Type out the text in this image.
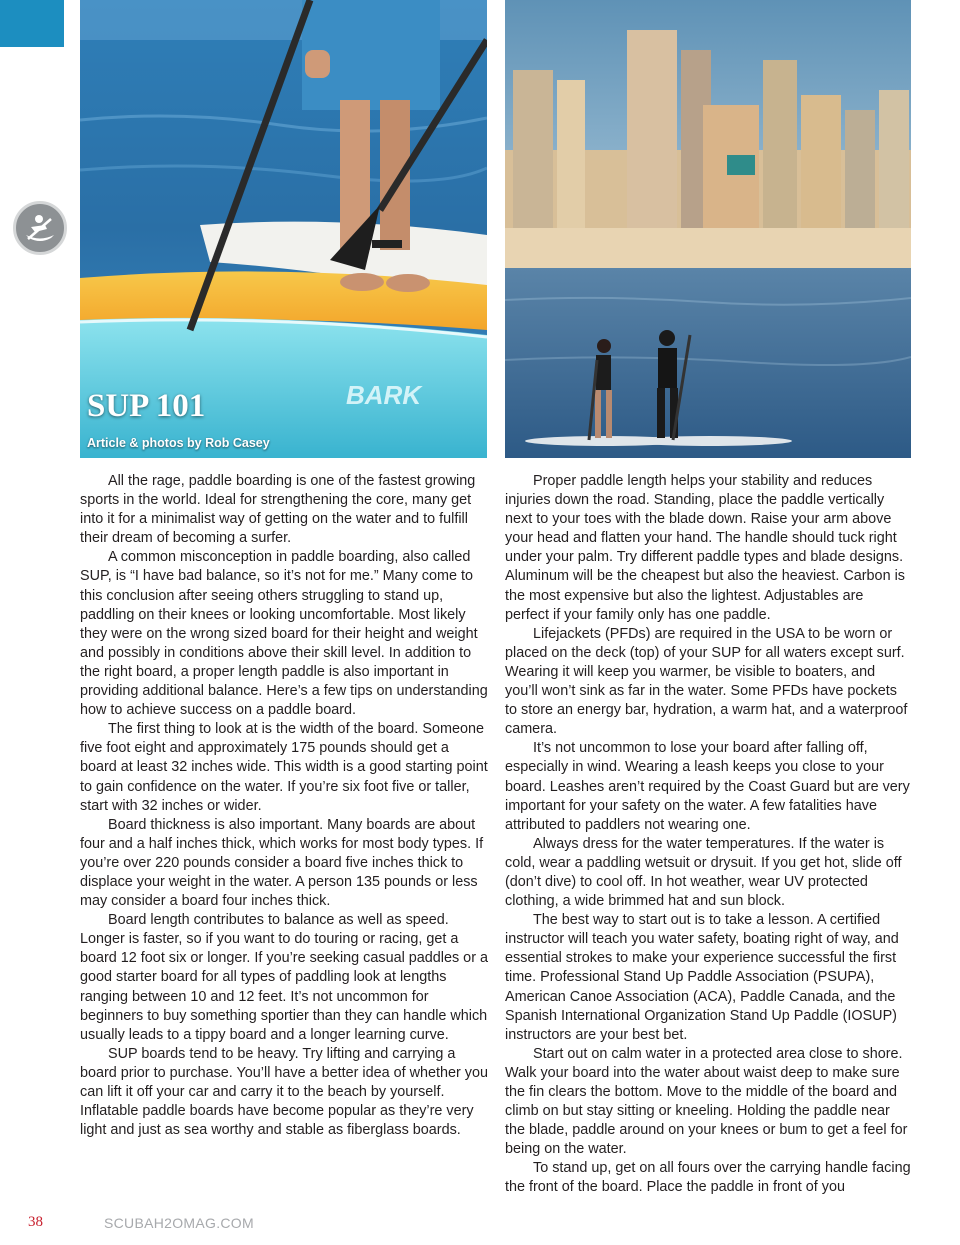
BARK
SUP 101
Article & photos by Rob Casey

All the rage, paddle boarding is one of the fastest growing sports in the world. Ideal for strengthening the core, many get into it for a minimalist way of getting on the water and to fulfill their dream of becoming a surfer.

A common misconception in paddle boarding, also called SUP, is “I have bad balance, so it’s not for me.” Many come to this conclusion after seeing others struggling to stand up, paddling on their knees or looking uncomfortable. Most likely they were on the wrong sized board for their height and weight and possibly in conditions above their skill level. In addition to the right board, a proper length paddle is also important in providing additional balance. Here’s a few tips on understanding how to achieve success on a paddle board.

The first thing to look at is the width of the board. Someone five foot eight and approximately 175 pounds should get a board at least 32 inches wide. This width is a good starting point to gain confidence on the water. If you’re six foot five or taller, start with 32 inches or wider.

Board thickness is also important. Many boards are about four and a half inches thick, which works for most body types. If you’re over 220 pounds consider a board five inches thick to displace your weight in the water. A person 135 pounds or less may consider a board four inches thick.

Board length contributes to balance as well as speed. Longer is faster, so if you want to do touring or racing, get a board 12 foot six or longer. If you’re seeking casual paddles or a good starter board for all types of paddling look at lengths ranging between 10 and 12 feet. It’s not uncommon for beginners to buy something sportier than they can handle which usually leads to a tippy board and a longer learning curve.

SUP boards tend to be heavy. Try lifting and carrying a board prior to purchase. You’ll have a better idea of whether you can lift it off your car and carry it to the beach by yourself. Inflatable paddle boards have become popular as they’re very light and just as sea worthy and stable as fiberglass boards.

Proper paddle length helps your stability and reduces injuries down the road. Standing, place the paddle vertically next to your toes with the blade down. Raise your arm above your head and flatten your hand. The handle should tuck right under your palm. Try different paddle types and blade designs. Aluminum will be the cheapest but also the heaviest. Carbon is the most expensive but also the lightest. Adjustables are perfect if your family only has one paddle.

Lifejackets (PFDs) are required in the USA to be worn or placed on the deck (top) of your SUP for all waters except surf. Wearing it will keep you warmer, be visible to boaters, and you’ll won’t sink as far in the water. Some PFDs have pockets to store an energy bar, hydration, a warm hat, and a waterproof camera.

It’s not uncommon to lose your board after falling off, especially in wind. Wearing a leash keeps you close to your board. Leashes aren’t required by the Coast Guard but are very important for your safety on the water. A few fatalities have attributed to paddlers not wearing one.

Always dress for the water temperatures. If the water is cold, wear a paddling wetsuit or drysuit. If you get hot, slide off (don’t dive) to cool off. In hot weather, wear UV protected clothing, a wide brimmed hat and sun block.

The best way to start out is to take a lesson. A certified instructor will teach you water safety, boating right of way, and essential strokes to make your experience successful the first time. Professional Stand Up Paddle Association (PSUPA), American Canoe Association (ACA), Paddle Canada, and the Spanish International Organization Stand Up Paddle (IOSUP) instructors are your best bet.

Start out on calm water in a protected area close to shore. Walk your board into the water about waist deep to make sure the fin clears the bottom. Move to the middle of the board and climb on but stay sitting or kneeling. Holding the paddle near the blade, paddle around on your knees or bum to get a feel for being on the water.

To stand up, get on all fours over the carrying handle facing the front of the board. Place the paddle in front of you

38	SCUBAH2OMAG.COM
